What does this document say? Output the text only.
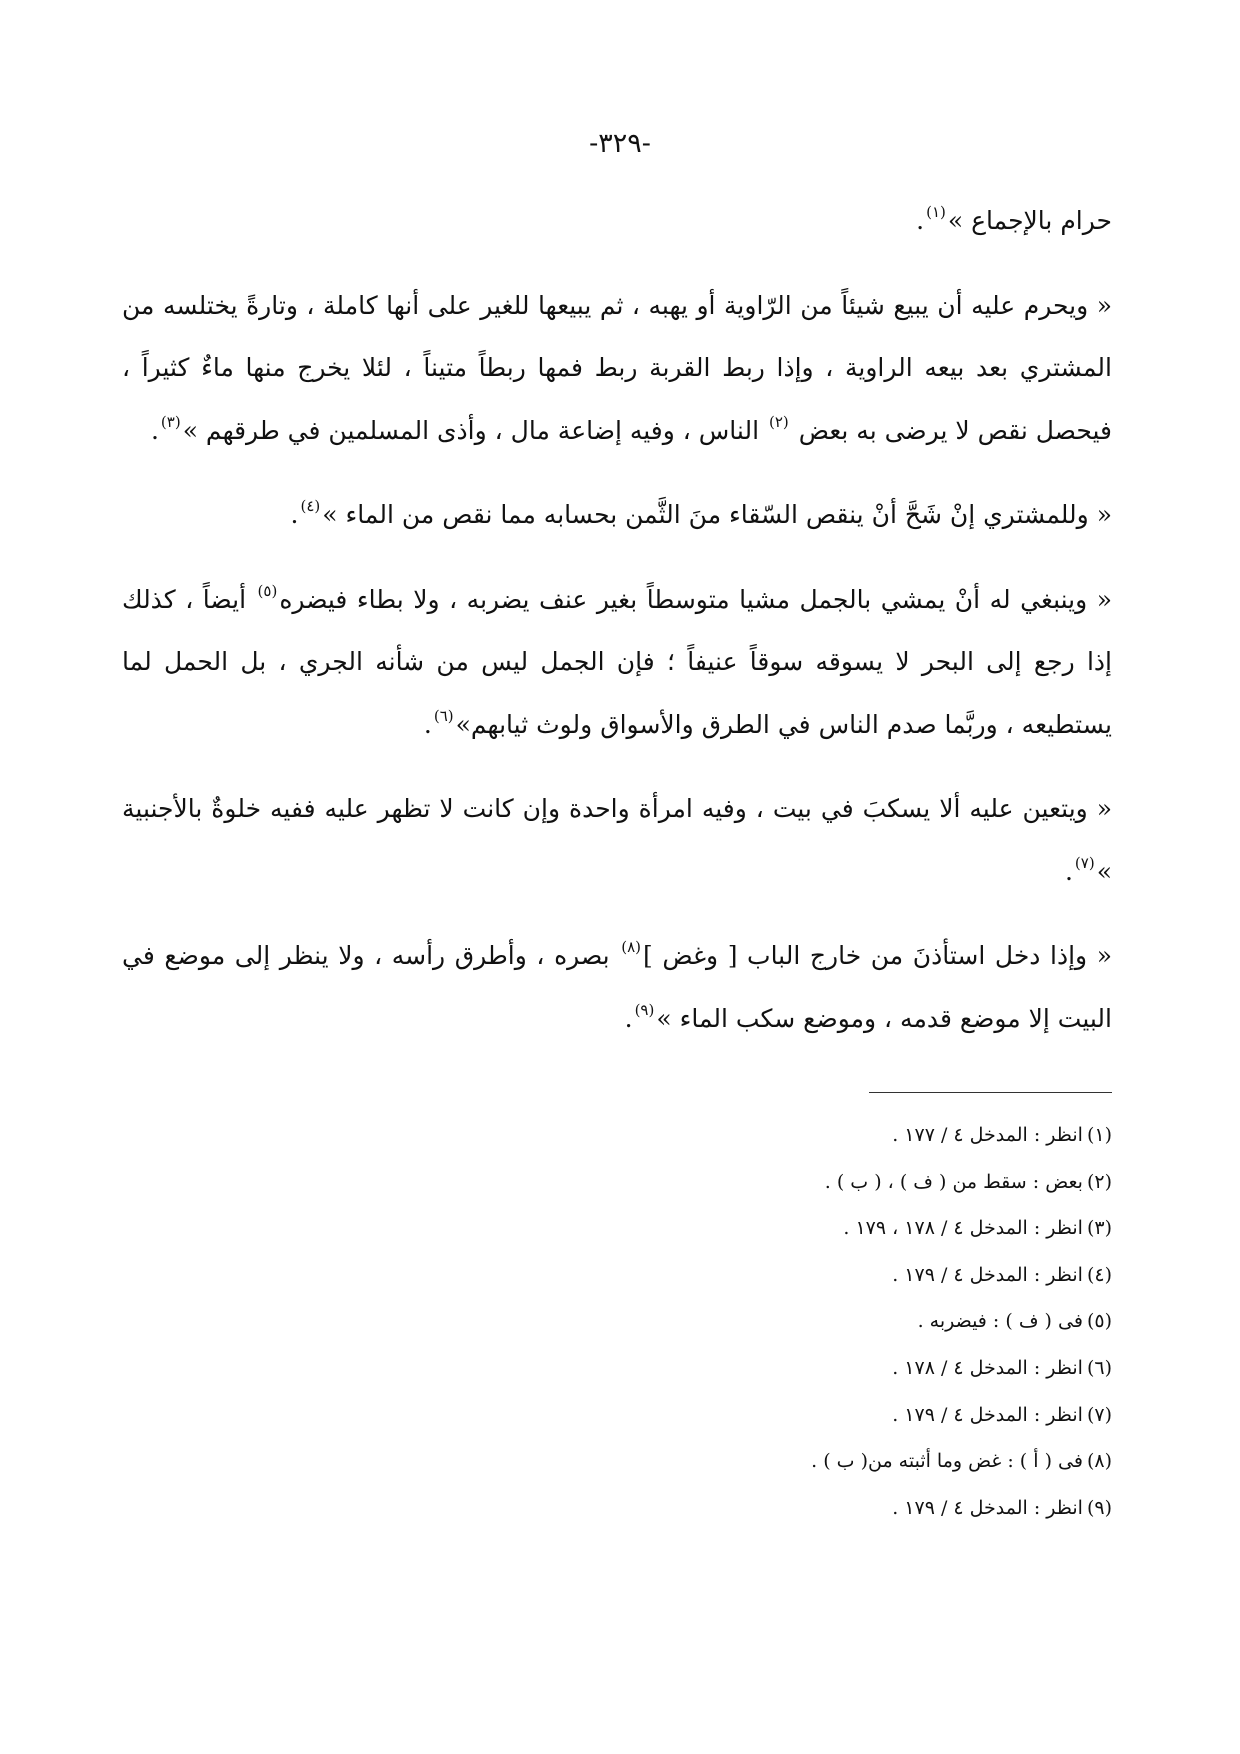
-٣٢٩-

حرام بالإجماع »$^{(١)}$.

« ويحرم عليه أن يبيع شيئاً من الرّاوية أو يهبه ، ثم يبيعها للغير على أنها كاملة ، وتارةً يختلسه من المشتري بعد بيعه الراوية ، وإذا ربط القربة ربط فمها ربطاً متيناً ، لئلا يخرج منها ماءٌ كثيراً ، فيحصل نقص لا يرضى به بعض $^{(٢)}$ الناس ، وفيه إضاعة مال ، وأذى المسلمين في طرقهم »$^{(٣)}$.

« وللمشتري إنْ شَحَّ أنْ ينقص السّقاء منَ الثَّمن بحسابه مما نقص من الماء »$^{(٤)}$.

« وينبغي له أنْ يمشي بالجمل مشيا متوسطاً بغير عنف يضربه ، ولا بطاء فيضره$^{(٥)}$ أيضاً ، كذلك إذا رجع إلى البحر لا يسوقه سوقاً عنيفاً ؛ فإن الجمل ليس من شأنه الجري ، بل الحمل لما يستطيعه ، وربَّما صدم الناس في الطرق والأسواق ولوث ثيابهم»$^{(٦)}$.

« ويتعين عليه ألا يسكبَ في بيت ، وفيه امرأة واحدة وإن كانت لا تظهر عليه ففيه خلوةٌ بالأجنبية »$^{(٧)}$.

« وإذا دخل استأذنَ من خارج الباب [ وغض ]$^{(٨)}$ بصره ، وأطرق رأسه ، ولا ينظر إلى موضع في البيت إلا موضع قدمه ، وموضع سكب الماء »$^{(٩)}$.

(١)انظر : المدخل ٤ / ١٧٧ .
(٢)بعض : سقط من ( ف ) ، ( ب ) .
(٣)انظر : المدخل ٤ / ١٧٨ ، ١٧٩ .
(٤)انظر : المدخل ٤ / ١٧٩ .
(٥)فى ( ف ) : فيضربه .
(٦)انظر : المدخل ٤ / ١٧٨ .
(٧)انظر : المدخل ٤ / ١٧٩ .
(٨)فى ( أ ) : غض وما أثبته من( ب ) .
(٩)انظر : المدخل ٤ / ١٧٩ .
